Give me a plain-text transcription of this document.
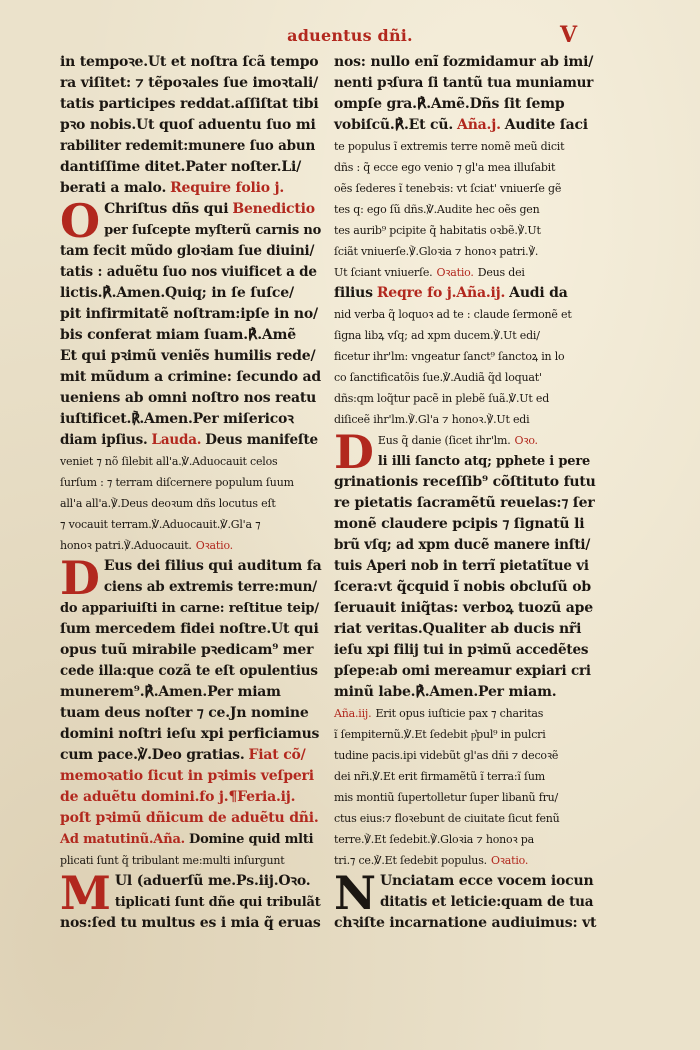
aduentus dñi.	V
in tempoꝛe.Ut et noſtra ſcã tempo
ra viſitet: ⁊ tẽpoꝛales ſue imoꝛtali/
tatis participes reddat.aſſiſtat tibi
pꝛo nobis.Ut quoſ aduentu ſuo mi
rabiliter redemit:munere ſuo abun
dantiſſime ditet.Pater noſter.Li/
berati a malo. Require folio j.
O Chriſtus dñs qui Benedictio
per ſuſcepte myſterũ carnis no
tam fecit mũdo gloꝛiam ſue diuini/
tatis : aduẽtu ſuo nos viuificet a de
lictis.℟.Amen.Quiq; in ſe ſuſce/
pit infirmitatẽ noſtram:ipſe in no/
bis conferat miam ſuam.℟.Amẽ
Et qui pꝛimũ veniẽs humilis rede/
mit mũdum a crimine: ſecundo ad
ueniens ab omni noſtro nos reatu
iuſtificet.℟.Amen.Per miſericoꝛ
diam ipſius. Lauda. Deus manifeſte
veniet ⁊ nõ ſilebit all'a.℣.Aduocauit celos
ſurſum : ⁊ terram diſcernere populum ſuum
all'a all'a.℣.Deus deoꝛum dñs locutus eſt
⁊ vocauit terram.℣.Aduocauit.℣.Gl'a ⁊
honoꝛ patri.℣.Aduocauit. Oꝛatio.
D Eus dei filius qui auditum fa
ciens ab extremis terre:mun/
do appariuiſti in carne: reſtitue teip/
ſum mercedem fidei noſtre.Ut qui
opus tuũ mirabile pꝛedicam⁹ mer
cede illa:que cozã te eſt opulentius
munerem⁹.℟.Amen.Per miam
tuam deus noſter ⁊ ce.Jn nomine
domini noſtri ieſu xpi perficiamus
cum pace.℣.Deo gratias. Fiat cõ/
memoꝛatio ſicut in pꝛimis veſperi
de aduẽtu domini.fo j.¶Feria.ij.
poſt pꝛimũ dñicum de aduẽtu dñi.
Ad matutinũ.Aña. Domine quid mlti
plicati ſunt q̃ tribulant me:multi inſurgunt
M Ul (aduerſũ me.Ps.iij.Oꝛo.
tiplicati ſunt dñe qui tribulãt
nos:ſed tu multus es i mia q̃ eruas
nos: nullo enĩ fozmidamur ab imi/
nenti pꝛſura ſi tantũ tua muniamur
ompſe gra.℟.Amẽ.Dñs ſit ſemp
vobiſcũ.℟.Et cũ. Aña.j. Audite ſaci
te populus ĩ extremis terre nomẽ meũ dicit
dñs : q̃ ecce ego venio ⁊ gl'a mea illuſabit
oẽs ſederes ĩ tenebꝛis: vt ſciat' vniuerſe gẽ
tes q: ego ſũ dñs.℣.Audite hec oẽs gen
tes aurib⁹ pcipite q̃ habitatis oꝛbẽ.℣.Ut
ſciãt vniuerſe.℣.Gloꝛia ⁊ honoꝛ patri.℣.
Ut ſciant vniuerſe. Oꝛatio. Deus dei
filius Reqre fo j.Aña.ij. Audi da
nid verba q̃ loquoꝛ ad te : claude ſermonẽ et
ſigna libꝝ vſq; ad xpm ducem.℣.Ut edi/
ficetur ihr'lm: vngeatur ſanct⁹ ſanctoꝝ in lo
co ſanctificatõis ſue.℣.Audiã q̃d loquat'
dñs:qm loq̃tur pacẽ in plebẽ ſuã.℣.Ut ed
diſiceẽ ihr'lm.℣.Gl'a ⁊ honoꝛ.℣.Ut edi
D Eus q̃ danie (ſicet ihr'lm. Oꝛo.
li illi ſancto atq; pphete i pere
grinationis receſſib⁹ cõſtituto futu
re pietatis ſacramẽtũ reuelas:⁊ ſer
monẽ claudere pcipis ⁊ ſignatũ li
brũ vſq; ad xpm ducẽ manere inſti/
tuis Aperi nob in terrĩ pietatĩtue vi
ſcera:vt q̃cquid ĩ nobis obcluſũ ob
ſeruauit iniq̃tas: verboꝝ tuozũ ape
riat veritas.Qualiter ab ducis nr̃i
ieſu xpi filij tui in pꝛimũ accedẽtes
pſepe:ab omi mereamur expiari cri
minũ labe.℟.Amen.Per miam.
Aña.iij. Erit opus iuſticie pax ⁊ charitas
ĩ ſempiternũ.℣.Et ſedebit p͛pul⁹ in pulcri
tudine pacis.ipi videbũt gl'as dñi ⁊ decoꝛẽ
dei nr̃i.℣.Et erit firmamẽtũ ĩ terra:ĩ ſum
mis montiũ ſupertolletur ſuper libanũ fru/
ctus eius:⁊ floꝛebunt de ciuitate ſicut fenũ
terre.℣.Et ſedebit.℣.Gloꝛia ⁊ honoꝛ pa
tri.⁊ ce.℣.Et ſedebit populus. Oꝛatio.
N Unciatam ecce vocem iocun
ditatis et leticie:quam de tua
chꝛiſte incarnatione audiuimus: vt
